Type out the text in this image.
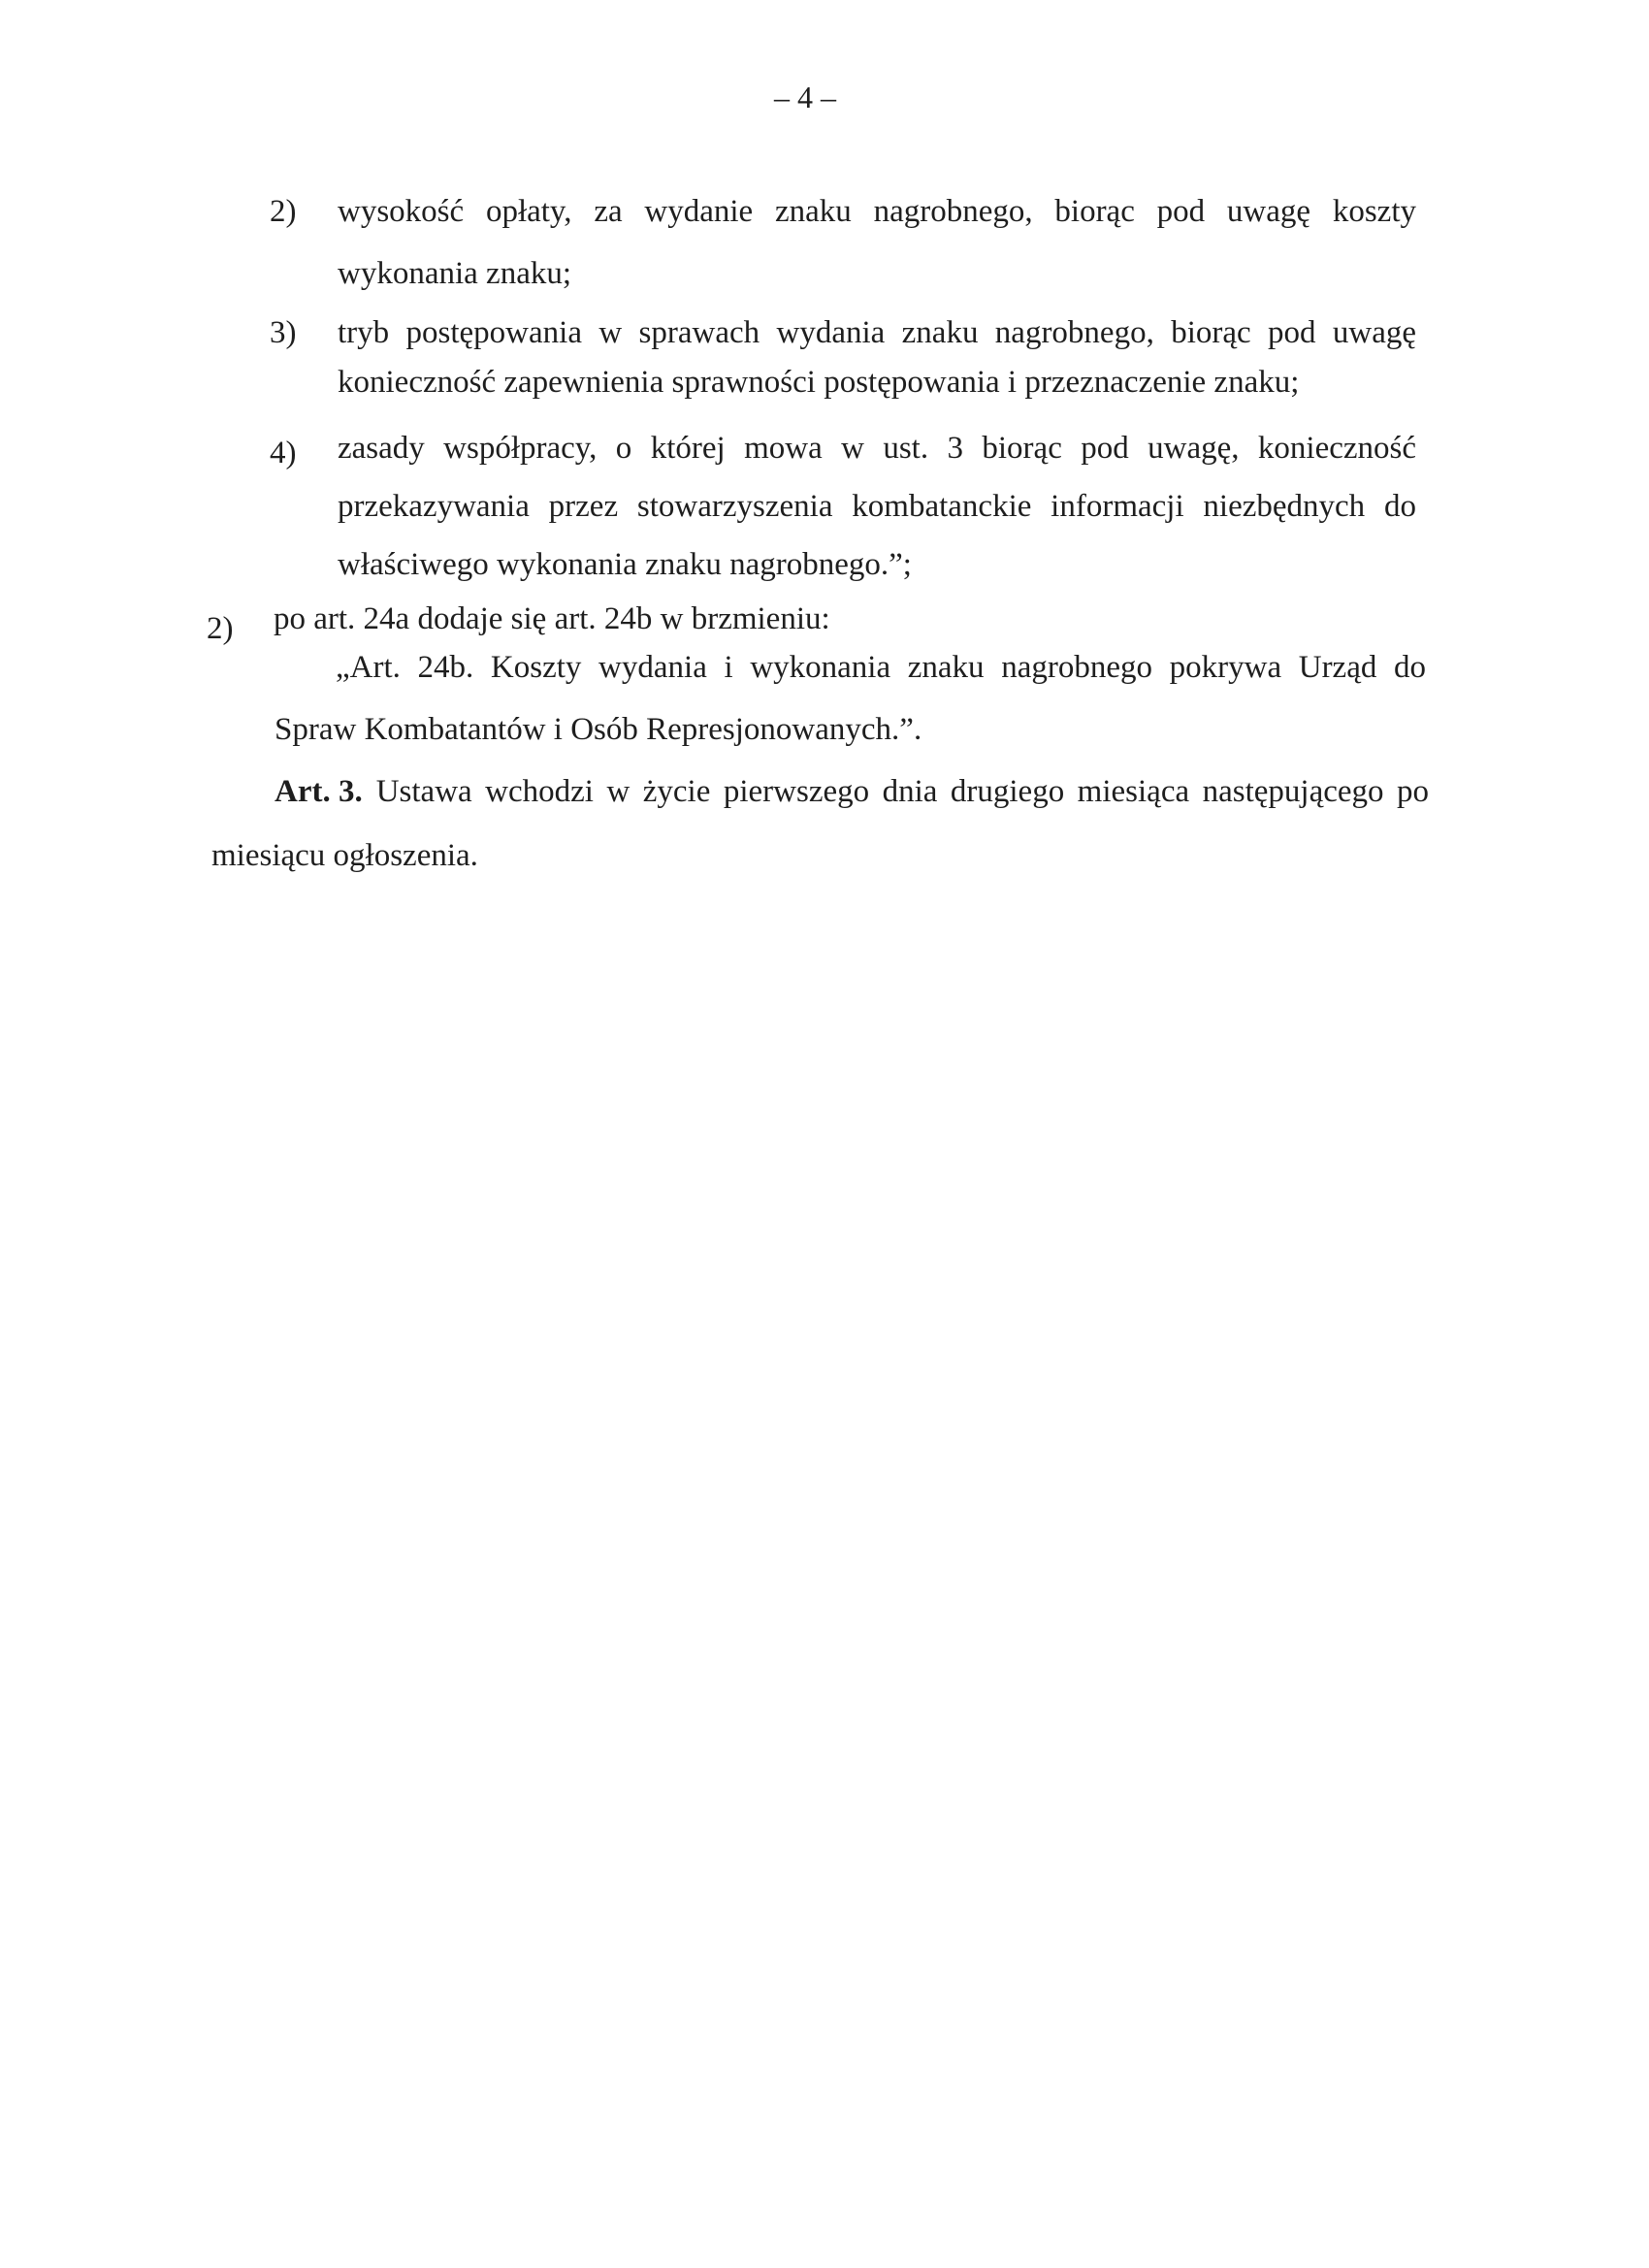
– 4 –
2) wysokość opłaty, za wydanie znaku nagrobnego, biorąc pod uwagę koszty
wykonania znaku;
3) tryb postępowania w sprawach wydania znaku nagrobnego, biorąc pod uwagę
konieczność zapewnienia sprawności postępowania i przeznaczenie znaku;
4) zasady współpracy, o której mowa w ust. 3 biorąc pod uwagę, konieczność
przekazywania przez stowarzyszenia kombatanckie informacji niezbędnych do
właściwego wykonania znaku nagrobnego.”;
2) po art. 24a dodaje się art. 24b w brzmieniu:
„Art. 24b. Koszty wydania i wykonania znaku nagrobnego pokrywa Urząd do
Spraw Kombatantów i Osób Represjonowanych.”.
Art. 3. Ustawa wchodzi w życie pierwszego dnia drugiego miesiąca następującego po
miesiącu ogłoszenia.
